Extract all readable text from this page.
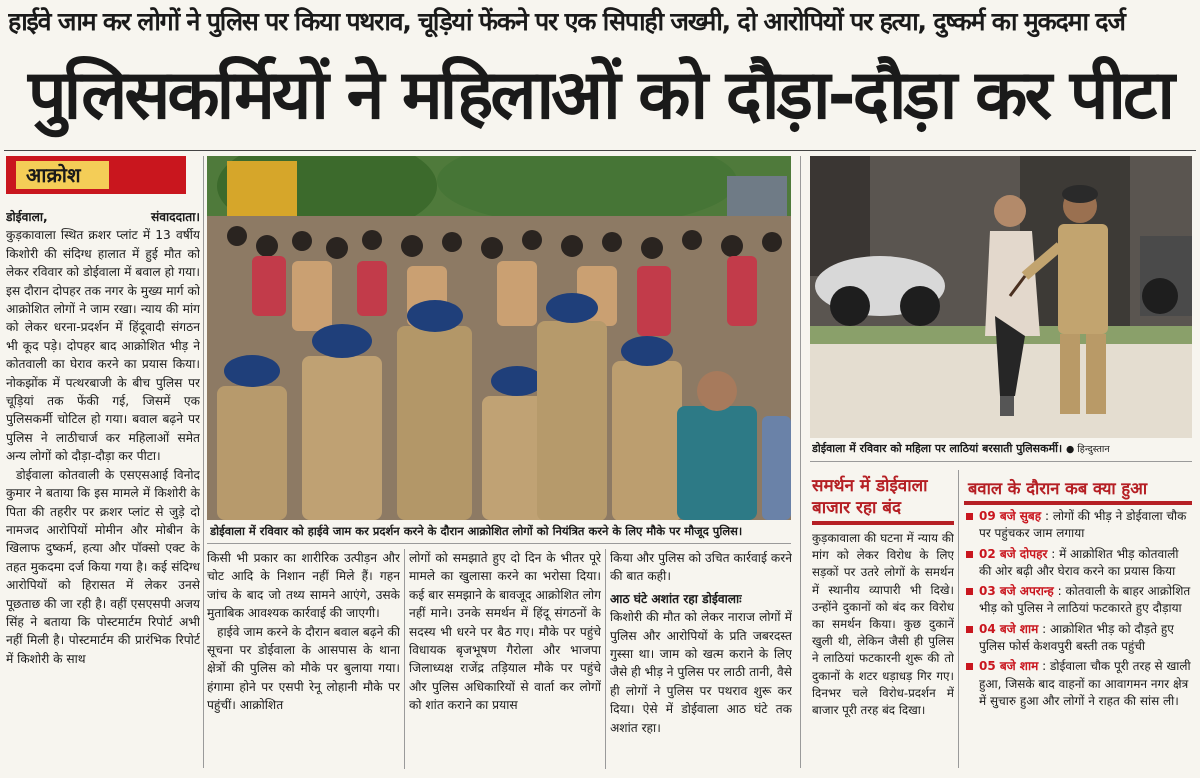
हाईवे जाम कर लोगों ने पुलिस पर किया पथराव, चूड़ियां फेंकने पर एक सिपाही जख्मी, दो आरोपियों पर हत्या, दुष्कर्म का मुकदमा दर्ज
पुलिसकर्मियों ने महिलाओं को दौड़ा-दौड़ा कर पीटा
आक्रोश
डोईवाला,	संवाददाता।

कुड़कावाला स्थित क्रशर प्लांट में 13 वर्षीय किशोरी की संदिग्ध हालात में हुई मौत को लेकर रविवार को डोईवाला में बवाल हो गया। इस दौरान दोपहर तक नगर के मुख्य मार्ग को आक्रोशित लोगों ने जाम रखा। न्याय की मांग को लेकर धरना-प्रदर्शन में हिंदूवादी संगठन भी कूद पड़े। दोपहर बाद आक्रोशित भीड़ ने कोतवाली का घेराव करने का प्रयास किया। नोकझोंक में पत्थरबाजी के बीच पुलिस पर चूड़ियां तक फेंकी गई, जिसमें एक पुलिसकर्मी चोटिल हो गया। बवाल बढ़ने पर पुलिस ने लाठीचार्ज कर महिलाओं समेत अन्य लोगों को दौड़ा-दौड़ा कर पीटा।

डोईवाला कोतवाली के एसएसआई विनोद कुमार ने बताया कि इस मामले में किशोरी के पिता की तहरीर पर क्रशर प्लांट से जुड़े दो नामजद आरोपियों मोमीन और मोबीन के खिलाफ दुष्कर्म, हत्या और पॉक्सो एक्ट के तहत मुकदमा दर्ज किया गया है। कई संदिग्ध आरोपियों को हिरासत में लेकर उनसे पूछताछ की जा रही है। वहीं एसएसपी अजय सिंह ने बताया कि पोस्टमार्टम रिपोर्ट अभी नहीं मिली है। पोस्टमार्टम की प्रारंभिक रिपोर्ट में किशोरी के साथ

डोईवाला में रविवार को हाईवे जाम कर प्रदर्शन करने के दौरान आक्रोशित लोगों को नियंत्रित करने के लिए मौके पर मौजूद पुलिस।

किसी भी प्रकार का शारीरिक उत्पीड़न और चोट आदि के निशान नहीं मिले हैं। गहन जांच के बाद जो तथ्य सामने आएंगे, उसके मुताबिक आवश्यक कार्रवाई की जाएगी।

हाईवे जाम करने के दौरान बवाल बढ़ने की सूचना पर डोईवाला के आसपास के थाना क्षेत्रों की पुलिस को मौके पर बुलाया गया। हंगामा होने पर एसपी रेनू लोहानी मौके पर पहुंचीं। आक्रोशित

लोगों को समझाते हुए दो दिन के भीतर पूरे मामले का खुलासा करने का भरोसा दिया। कई बार समझाने के बावजूद आक्रोशित लोग नहीं माने। उनके समर्थन में हिंदू संगठनों के सदस्य भी धरने पर बैठ गए। मौके पर पहुंचे विधायक बृजभूषण गैरोला और भाजपा जिलाध्यक्ष राजेंद्र तड़ियाल मौके पर पहुंचे और पुलिस अधिकारियों से वार्ता कर लोगों को शांत कराने का प्रयास

किया और पुलिस को उचित कार्रवाई करने की बात कही।

आठ घंटे अशांत रहा डोईवालाः

किशोरी की मौत को लेकर नाराज लोगों में पुलिस और आरोपियों के प्रति जबरदस्त गुस्सा था। जाम को खत्म कराने के लिए जैसे ही भीड़ ने पुलिस पर लाठी तानी, वैसे ही लोगों ने पुलिस पर पथराव शुरू कर दिया। ऐसे में डोईवाला आठ घंटे तक अशांत रहा।

डोईवाला में रविवार को महिला पर लाठियां बरसाती पुलिसकर्मी। ● हिन्दुस्तान
समर्थन में डोईवाला
बाजार रहा बंद

कुड़कावाला की घटना में न्याय की मांग को लेकर विरोध के लिए सड़कों पर उतरे लोगों के समर्थन में स्थानीय व्यापारी भी दिखे। उन्होंने दुकानों को बंद कर विरोध का समर्थन किया। कुछ दुकानें खुली थी, लेकिन जैसी ही पुलिस ने लाठियां फटकारनी शुरू की तो दुकानों के शटर धड़ाधड़ गिर गए। दिनभर चले विरोध-प्रदर्शन में बाजार पूरी तरह बंद दिखा।

बवाल के दौरान कब क्या हुआ
09 बजे सुबह : लोगों की भीड़ ने डोईवाला चौक पर पहुंचकर जाम लगाया
02 बजे दोपहर : में आक्रोशित भीड़ कोतवाली की ओर बढ़ी और घेराव करने का प्रयास किया
03 बजे अपरान्ह : कोतवाली के बाहर आक्रोशित भीड़ को पुलिस ने लाठियां फटकारते हुए दौड़ाया
04 बजे शाम : आक्रोशित भीड़ को दौड़ते हुए पुलिस फोर्स केशवपुरी बस्ती तक पहुंची
05 बजे शाम : डोईवाला चौक पूरी तरह से खाली हुआ, जिसके बाद वाहनों का आवागमन नगर क्षेत्र में सुचारु हुआ और लोगों ने राहत की सांस ली।
